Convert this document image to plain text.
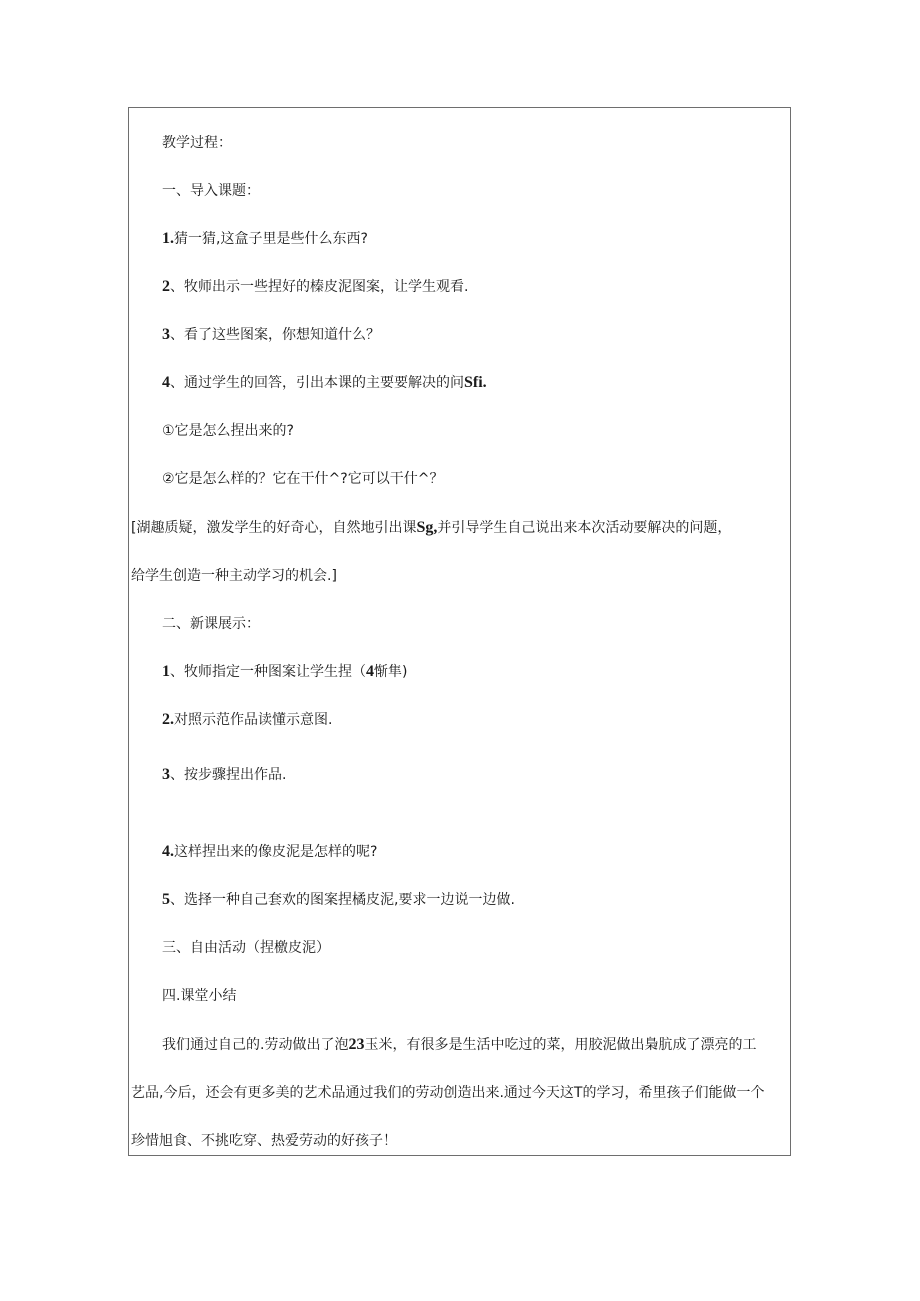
教学过程：

一、导入课题：

1.猜一猜,这盒子里是些什么东西?

2、牧师出示一些捏好的榛皮泥图案，让学生观看.

3、看了这些图案，你想知道什么？

4、通过学生的回答，引出本课的主要要解决的问Sfi.

①它是怎么捏出来的?

②它是怎么样的？它在干什^?它可以干什^？

[湖趣质疑，激发学生的好奇心，自然地引出课Sg,并引导学生自己说出来本次活动要解决的问题，

给学生创造一种主动学习的机会.]

二、新课展示：

1、牧师指定一种图案让学生捏（4惭隼)

2.对照示范作品读懂示意图.

3、按步骤捏出作品.

4.这样捏出来的像皮泥是怎样的呢?

5、选择一种自己套欢的图案捏橘皮泥,要求一边说一边做.

三、自由活动（捏檄皮泥）

四.课堂小结

我们通过自己的.劳动做出了泡23玉米，有很多是生活中吃过的菜，用胶泥做出梟肮成了漂亮的工

艺品,今后，还会有更多美的艺术品通过我们的劳动创造出来.通过今天这T的学习，希里孩子们能做一个

珍惜旭食、不挑吃穿、热爱劳动的好孩子！
